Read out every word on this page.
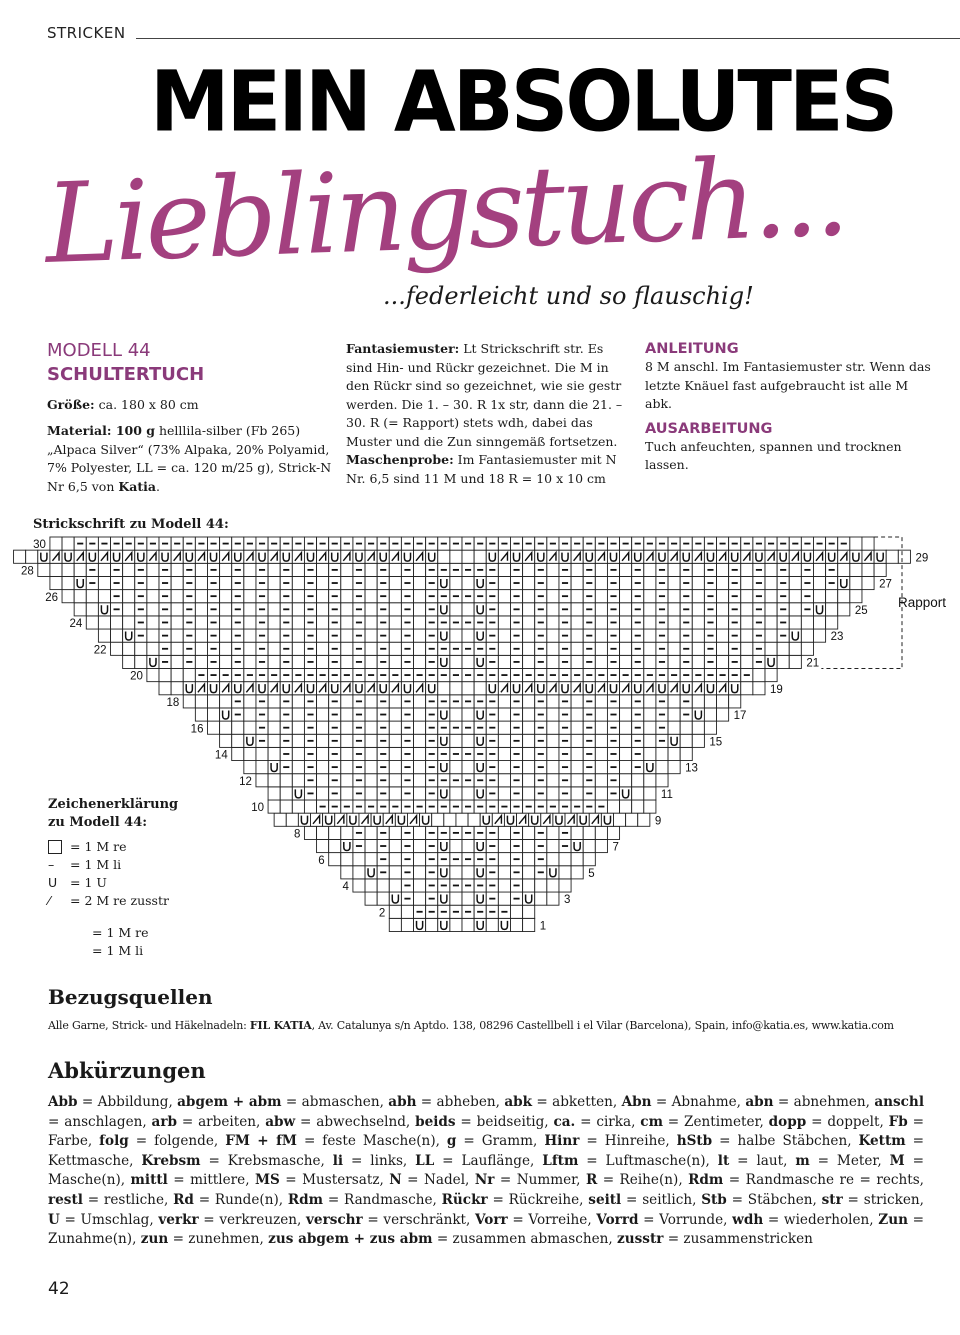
STRICKEN
MEIN ABSOLUTES
Lieblingstuch...
...federleicht und so flauschig!
MODELL 44
SCHULTERTUCH
Größe: ca. 180 x 80 cm
Material: 100 g helllila-silber (Fb 265) „Alpaca Silver“ (73% Alpaka, 20% Polyamid, 7% Polyester, LL = ca. 120 m/25 g), Strick-N Nr 6,5 von Katia.
Fantasiemuster: Lt Strickschrift str. Es sind Hin- und Rückr gezeichnet. Die M in den Rückr sind so gezeichnet, wie sie gestr werden. Die 1. – 30. R 1x str, dann die 21. – 30. R (= Rapport) stets wdh, dabei das Muster und die Zun sinngemäß fortsetzen.
Maschenprobe: Im Fantasiemuster mit N Nr. 6,5 sind 11 M und 18 R = 10 x 10 cm
ANLEITUNG
8 M anschl. Im Fantasiemuster str. Wenn das letzte Knäuel fast aufgebraucht ist alle M abk.
AUSARBEITUNG
Tuch anfeuchten, spannen und trocknen lassen.
Strickschrift zu Modell 44:
1
2
3
4
5
6
7
8
9
10
11
12
13
14
15
16
17
18
19
20
21
22
23
24
25
26
27
28
29
30
Rapport
Zeichenerklärung
zu Modell 44:
= 1 M re
–	= 1 M li
U	= 1 U
⁄	= 2 M re zusstr
= 1 M re
= 1 M li
Bezugsquellen
Alle Garne, Strick- und Häkelnadeln: FIL KATIA, Av. Catalunya s/n Aptdo. 138, 08296 Castellbell i el Vilar (Barcelona), Spain, info@katia.es, www.katia.com
Abkürzungen
Abb = Abbildung, abgem + abm = abmaschen, abh = abheben, abk = abketten, Abn = Abnahme, abn = abnehmen, anschl = anschlagen, arb = arbeiten, abw = abwechselnd, beids = beidseitig, ca. = cirka, cm = Zentimeter, dopp = doppelt, Fb = Farbe, folg = folgende, FM + fM = feste Masche(n), g = Gramm, Hinr = Hinreihe, hStb = halbe Stäbchen, Kettm = Kettmasche, Krebsm = Krebsmasche, li = links, LL = Lauflänge, Lftm = Luftmasche(n), lt = laut, m = Meter, M = Masche(n), mittl = mittlere, MS = Mustersatz, N = Nadel, Nr = Nummer, R = Reihe(n), Rdm = Randmasche re = rechts, restl = restliche, Rd = Runde(n), Rdm = Randmasche, Rückr = Rückreihe, seitl = seitlich, Stb = Stäbchen, str = stricken, U = Umschlag, verkr = verkreuzen, verschr = verschränkt, Vorr = Vorreihe, Vorrd = Vorrunde, wdh = wiederholen, Zun = Zunahme(n), zun = zunehmen, zus abgem + zus abm = zusammen abmaschen, zusstr = zusammenstricken
42
